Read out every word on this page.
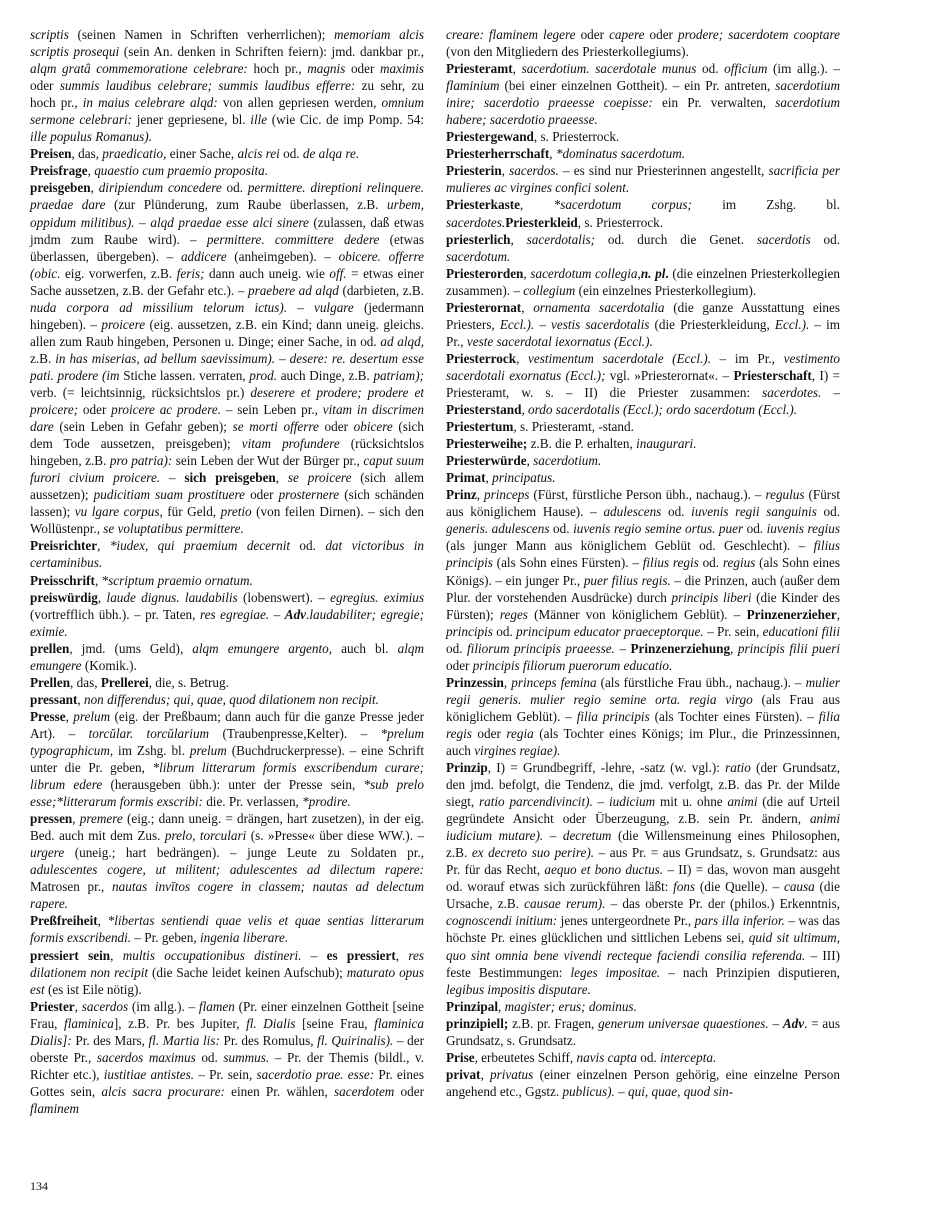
scriptis (seinen Namen in Schriften verherrlichen); memoriam alcis scriptis prosequi (sein An. denken in Schriften feiern): jmd. dankbar pr., alqm gratâ commemoratione celebrare: hoch pr., magnis oder maximis oder summis laudibus celebrare; summis laudibus efferre: zu sehr, zu hoch pr., in maius celebrare alqd: von allen gepriesen werden, omnium sermone celebrari: jener gepriesene, bl. ille (wie Cic. de imp Pomp. 54: ille populus Romanus).

Preisen, das, praedicatio, einer Sache, alcis rei od. de alqa re.

Preisfrage, quaestio cum praemio proposita.

preisgeben, diripiendum concedere od. permittere. direptioni relinquere. praedae dare (zur Plünderung, zum Raube überlassen, z.B. urbem, oppidum militibus). – alqd praedae esse alci sinere (zulassen, daß etwas jmdm zum Raube wird). – permittere. committere dedere (etwas überlassen, übergeben). – addicere (anheimgeben). – obicere. offerre (obic. eig. vorwerfen, z.B. feris; dann auch uneig. wie off. = etwas einer Sache aussetzen, z.B. der Gefahr etc.). – praebere ad alqd (darbieten, z.B. nuda corpora ad missilium telorum ictus). – vulgare (jedermann hingeben). – proicere (eig. aussetzen, z.B. ein Kind; dann uneig. gleichs. allen zum Raub hingeben, Personen u. Dinge; einer Sache, in od. ad alqd, z.B. in has miserias, ad bellum saevissimum). – desere: re. desertum esse pati. prodere (im Stiche lassen. verraten, prod. auch Dinge, z.B. patriam); verb. (= leichtsinnig, rücksichtslos pr.) deserere et prodere; prodere et proicere; oder proicere ac prodere. – sein Leben pr., vitam in discrimen dare (sein Leben in Gefahr geben); se morti offerre oder obicere (sich dem Tode aussetzen, preisgeben); vitam profundere (rücksichtslos hingeben, z.B. pro patria): sein Leben der Wut der Bürger pr., caput suum furori civium proicere. – sich preisgeben, se proicere (sich allem aussetzen); pudicitiam suam prostituere oder prosternere (sich schänden lassen); vu lgare corpus, für Geld, pretio (von feilen Dirnen). – sich den Wollüstenpr., se voluptatibus permittere.

Preisrichter, *iudex, qui praemium decernit od. dat victoribus in certaminibus.

Preisschrift, *scriptum praemio ornatum.

preiswürdig, laude dignus. laudabilis (lobenswert). – egregius. eximius (vortrefflich übh.). – pr. Taten, res egregiae. – Adv.laudabiliter; egregie; eximie.

prellen, jmd. (ums Geld), alqm emungere argento, auch bl. alqm emungere (Komik.).

Prellen, das, Prellerei, die, s. Betrug.

pressant, non differendus; qui, quae, quod dilationem non recipit.

Presse, prelum (eig. der Preßbaum; dann auch für die ganze Presse jeder Art). – torcŭlar. torcŭlarium (Traubenpresse,Kelter). – *prelum typographicum, im Zshg. bl. prelum (Buchdruckerpresse). – eine Schrift unter die Pr. geben, *librum litterarum formis exscribendum curare; librum edere (herausgeben übh.): unter der Presse sein, *sub prelo esse;*litterarum formis exscribi: die. Pr. verlassen, *prodire.

pressen, premere (eig.; dann uneig. = drängen, hart zusetzen), in der eig. Bed. auch mit dem Zus. prelo, torculari (s. »Presse« über diese WW.). – urgere (uneig.; hart bedrängen). – junge Leute zu Soldaten pr., adulescentes cogere, ut militent; adulescentes ad dilectum rapere: Matrosen pr., nautas invītos cogere in classem; nautas ad delectum rapere.

Preßfreiheit, *libertas sentiendi quae velis et quae sentias litterarum formis exscribendi. – Pr. geben, ingenia liberare.

pressiert sein, multis occupationibus distineri. – es pressiert, res dilationem non recipit (die Sache leidet keinen Aufschub); maturato opus est (es ist Eile nötig).

Priester, sacerdos (im allg.). – flamen (Pr. einer einzelnen Gottheit [seine Frau, flaminica], z.B. Pr. bes Jupiter, fl. Dialis [seine Frau, flaminica Dialis]: Pr. des Mars, fl. Martia lis: Pr. des Romulus, fl. Quirinalis). – der oberste Pr., sacerdos maximus od. summus. – Pr. der Themis (bildl., v. Richter etc.), iustitiae antistes. – Pr. sein, sacerdotio prae. esse: Pr. eines Gottes sein, alcis sacra procurare: einen Pr. wählen, sacerdotem oder flaminem

creare: flaminem legere oder capere oder prodere; sacerdotem cooptare (von den Mitgliedern des Priesterkollegiums).

Priesteramt, sacerdotium. sacerdotale munus od. officium (im allg.). – flaminium (bei einer einzelnen Gottheit). – ein Pr. antreten, sacerdotium inire; sacerdotio praeesse coepisse: ein Pr. verwalten, sacerdotium habere; sacerdotio praeesse.

Priestergewand, s. Priesterrock.

Priesterherrschaft, *dominatus sacerdotum.

Priesterin, sacerdos. – es sind nur Priesterinnen angestellt, sacrificia per mulieres ac virgines confici solent.

Priesterkaste, *sacerdotum corpus; im Zshg. bl. sacerdotes.Priesterkleid, s. Priesterrock.

priesterlich, sacerdotalis; od. durch die Genet. sacerdotis od. sacerdotum.

Priesterorden, sacerdotum collegia,n. pl. (die einzelnen Priesterkollegien zusammen). – collegium (ein einzelnes Priesterkollegium).

Priesterornat, ornamenta sacerdotalia (die ganze Ausstattung eines Priesters, Eccl.). – vestis sacerdotalis (die Priesterkleidung, Eccl.). – im Pr., veste sacerdotal iexornatus (Eccl.).

Priesterrock, vestimentum sacerdotale (Eccl.). – im Pr., vestimento sacerdotali exornatus (Eccl.); vgl. »Priesterornat«. – Priesterschaft, I) = Priesteramt, w. s. – II) die Priester zusammen: sacerdotes. – Priesterstand, ordo sacerdotalis (Eccl.); ordo sacerdotum (Eccl.).

Priestertum, s. Priesteramt, -stand.

Priesterweihe; z.B. die P. erhalten, inaugurari.

Priesterwürde, sacerdotium.

Primat, principatus.

Prinz, princeps (Fürst, fürstliche Person übh., nachaug.). – regulus (Fürst aus königlichem Hause). – adulescens od. iuvenis regii sanguinis od. generis. adulescens od. iuvenis regio semine ortus. puer od. iuvenis regius (als junger Mann aus königlichem Geblüt od. Geschlecht). – filius principis (als Sohn eines Fürsten). – filius regis od. regius (als Sohn eines Königs). – ein junger Pr., puer filius regis. – die Prinzen, auch (außer dem Plur. der vorstehenden Ausdrücke) durch principis liberi (die Kinder des Fürsten); reges (Männer von königlichem Geblüt). – Prinzenerzieher, principis od. principum educator praeceptorque. – Pr. sein, educationi filii od. filiorum principis praeesse. – Prinzenerziehung, principis filii pueri oder principis filiorum puerorum educatio.

Prinzessin, princeps femina (als fürstliche Frau übh., nachaug.). – mulier regii generis. mulier regio semine orta. regia virgo (als Frau aus königlichem Geblüt). – filia principis (als Tochter eines Fürsten). – filia regis oder regia (als Tochter eines Königs; im Plur., die Prinzessinnen, auch virgines regiae).

Prinzip, I) = Grundbegriff, -lehre, -satz (w. vgl.): ratio (der Grundsatz, den jmd. befolgt, die Tendenz, die jmd. verfolgt, z.B. das Pr. der Milde siegt, ratio parcendivincit). – iudicium mit u. ohne animi (die auf Urteil gegründete Ansicht oder Überzeugung, z.B. sein Pr. ändern, animi iudicium mutare). – decretum (die Willensmeinung eines Philosophen, z.B. ex decreto suo perire). – aus Pr. = aus Grundsatz, s. Grundsatz: aus Pr. für das Recht, aequo et bono ductus. – II) = das, wovon man ausgeht od. worauf etwas sich zurückführen läßt: fons (die Quelle). – causa (die Ursache, z.B. causae rerum). – das oberste Pr. der (philos.) Erkenntnis, cognoscendi initium: jenes untergeordnete Pr., pars illa inferior. – was das höchste Pr. eines glücklichen und sittlichen Lebens sei, quid sit ultimum, quo sint omnia bene vivendi recteque faciendi consilia referenda. – III) feste Bestimmungen: leges impositae. – nach Prinzipien disputieren, legibus impositis disputare.

Prinzipal, magister; erus; dominus.

prinzipiell; z.B. pr. Fragen, generum universae quaestiones. – Adv. = aus Grundsatz, s. Grundsatz.

Prise, erbeutetes Schiff, navis capta od. intercepta.

privat, privatus (einer einzelnen Person gehörig, eine einzelne Person angehend etc., Ggstz. publicus). – qui, quae, quod sin-

134
